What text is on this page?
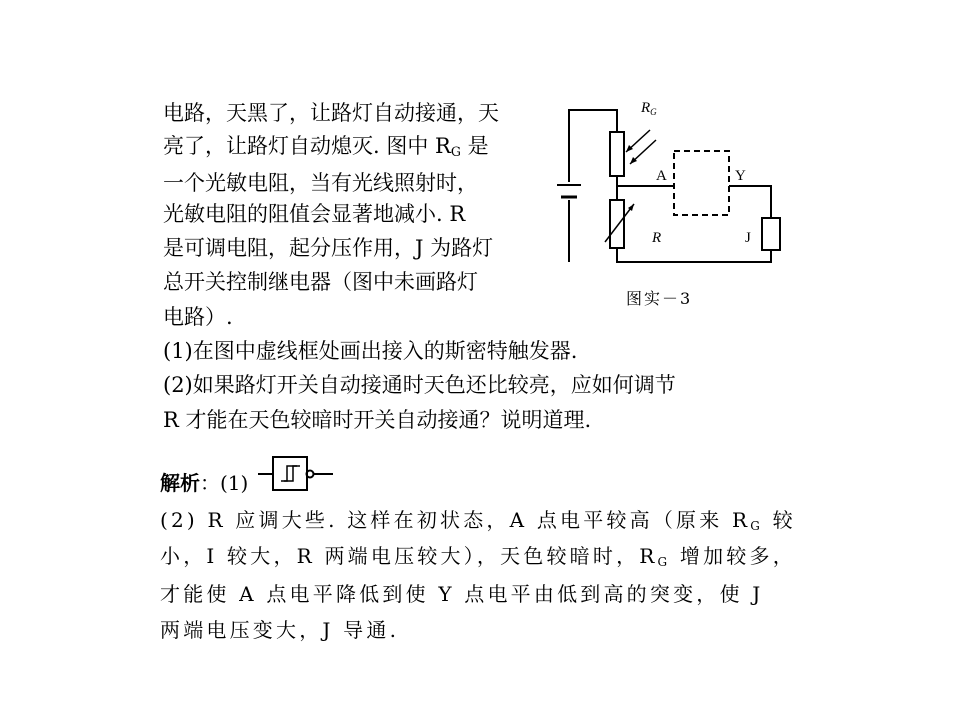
电路，天黑了，让路灯自动接通，天
亮了，让路灯自动熄灭. 图中 $R_G$ 是
一个光敏电阻，当有光线照射时，
光敏电阻的阻值会显著地减小. R
是可调电阻，起分压作用，J 为路灯
总开关控制继电器（图中未画路灯
电路）.
(1)在图中虚线框处画出接入的斯密特触发器.
(2)如果路灯开关自动接通时天色还比较亮，应如何调节
R 才能在天色较暗时开关自动接通？说明道理.
$R_G$
A	Y
R	J
图实－3
解析：(1)
(2) R 应调大些. 这样在初状态，A 点电平较高（原来 $R_G$ 较
小，I 较大，R 两端电压较大），天色较暗时，$R_G$ 增加较多，
才能使 A 点电平降低到使 Y 点电平由低到高的突变，使 J
两端电压变大，J 导通.
